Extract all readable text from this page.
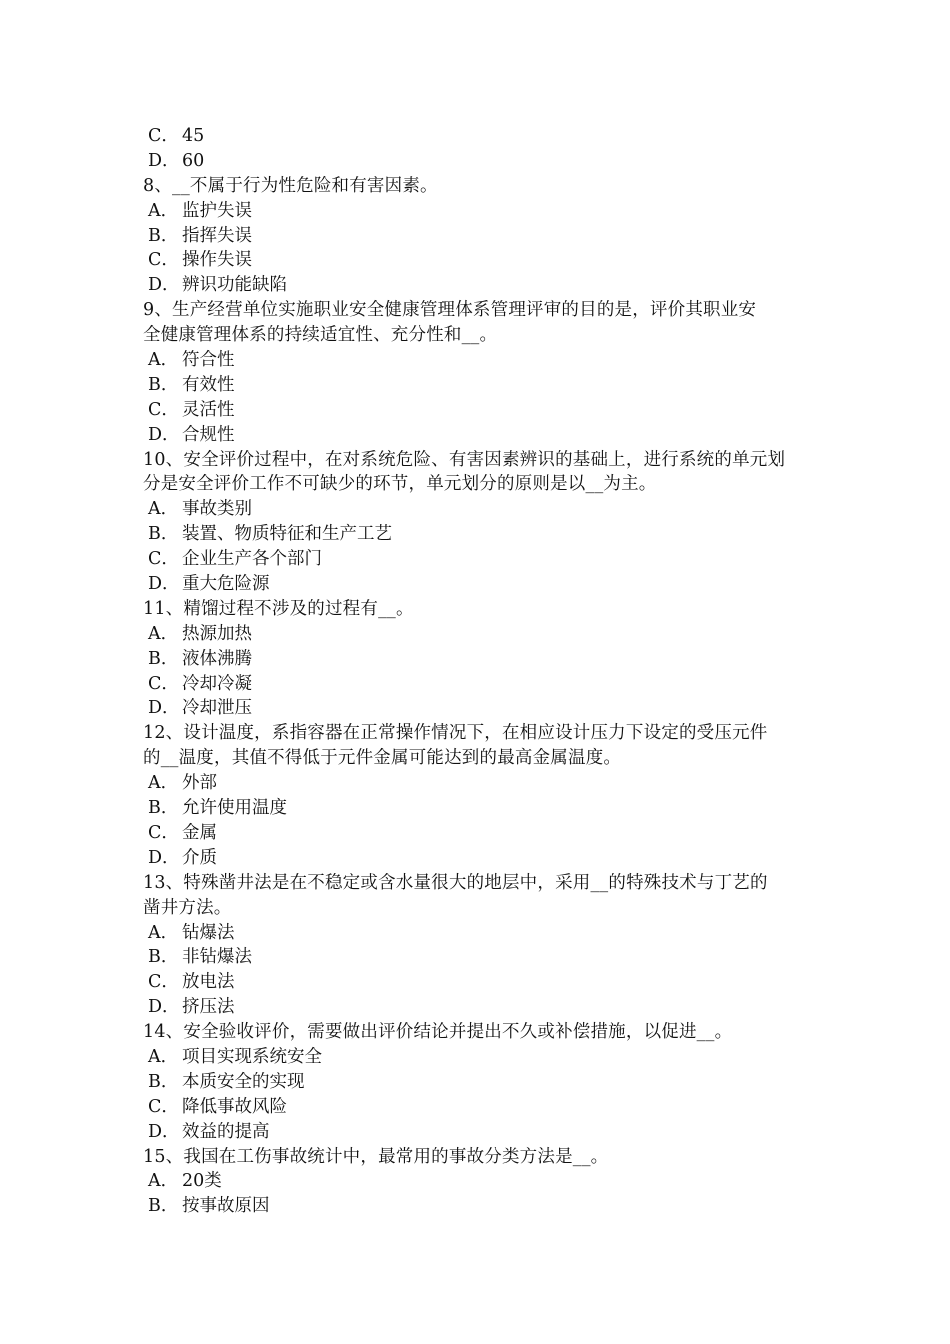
C． 45
D． 60
8、__不属于行为性危险和有害因素。
A． 监护失误
B． 指挥失误
C． 操作失误
D． 辨识功能缺陷
9、生产经营单位实施职业安全健康管理体系管理评审的目的是，评价其职业安
全健康管理体系的持续适宜性、充分性和__。
A． 符合性
B． 有效性
C． 灵活性
D． 合规性
10、安全评价过程中，在对系统危险、有害因素辨识的基础上，进行系统的单元划
分是安全评价工作不可缺少的环节，单元划分的原则是以__为主。
A． 事故类别
B． 装置、物质特征和生产工艺
C． 企业生产各个部门
D． 重大危险源
11、精馏过程不涉及的过程有__。
A． 热源加热
B． 液体沸腾
C． 冷却冷凝
D． 冷却泄压
12、设计温度，系指容器在正常操作情况下，在相应设计压力下设定的受压元件
的__温度，其值不得低于元件金属可能达到的最高金属温度。
A． 外部
B． 允许使用温度
C． 金属
D． 介质
13、特殊凿井法是在不稳定或含水量很大的地层中，采用__的特殊技术与丁艺的
凿井方法。
A． 钻爆法
B． 非钻爆法
C． 放电法
D． 挤压法
14、安全验收评价，需要做出评价结论并提出不久或补偿措施，以促进__。
A． 项目实现系统安全
B． 本质安全的实现
C． 降低事故风险
D． 效益的提高
15、我国在工伤事故统计中，最常用的事故分类方法是__。
A． 20类
B． 按事故原因
